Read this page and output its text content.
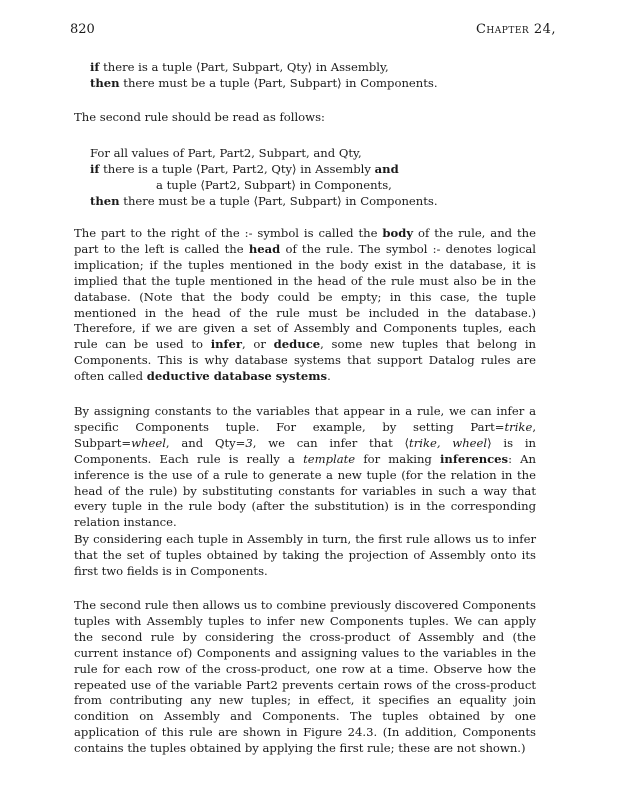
820	Chapter 24,
if there is a tuple ⟨Part, Subpart, Qty⟩ in Assembly,
then there must be a tuple ⟨Part, Subpart⟩ in Components.

The second rule should be read as follows:

For all values of Part, Part2, Subpart, and Qty,
if there is a tuple ⟨Part, Part2, Qty⟩ in Assembly and
a tuple ⟨Part2, Subpart⟩ in Components,
then there must be a tuple ⟨Part, Subpart⟩ in Components.

The part to the right of the :- symbol is called the body of the rule, and the part to the left is called the head of the rule. The symbol :- denotes logical implication; if the tuples mentioned in the body exist in the database, it is implied that the tuple mentioned in the head of the rule must also be in the database. (Note that the body could be empty; in this case, the tuple mentioned in the head of the rule must be included in the database.) Therefore, if we are given a set of Assembly and Components tuples, each rule can be used to infer, or deduce, some new tuples that belong in Components. This is why database systems that support Datalog rules are often called deductive database systems.

By assigning constants to the variables that appear in a rule, we can infer a specific Components tuple. For example, by setting Part=trike, Subpart=wheel, and Qty=3, we can infer that ⟨trike, wheel⟩ is in Components. Each rule is really a template for making inferences: An inference is the use of a rule to generate a new tuple (for the relation in the head of the rule) by substituting constants for variables in such a way that every tuple in the rule body (after the substitution) is in the corresponding relation instance.

By considering each tuple in Assembly in turn, the first rule allows us to infer that the set of tuples obtained by taking the projection of Assembly onto its first two fields is in Components.

The second rule then allows us to combine previously discovered Components tuples with Assembly tuples to infer new Components tuples. We can apply the second rule by considering the cross-product of Assembly and (the current instance of) Components and assigning values to the variables in the rule for each row of the cross-product, one row at a time. Observe how the repeated use of the variable Part2 prevents certain rows of the cross-product from contributing any new tuples; in effect, it specifies an equality join condition on Assembly and Components. The tuples obtained by one application of this rule are shown in Figure 24.3. (In addition, Components contains the tuples obtained by applying the first rule; these are not shown.)
